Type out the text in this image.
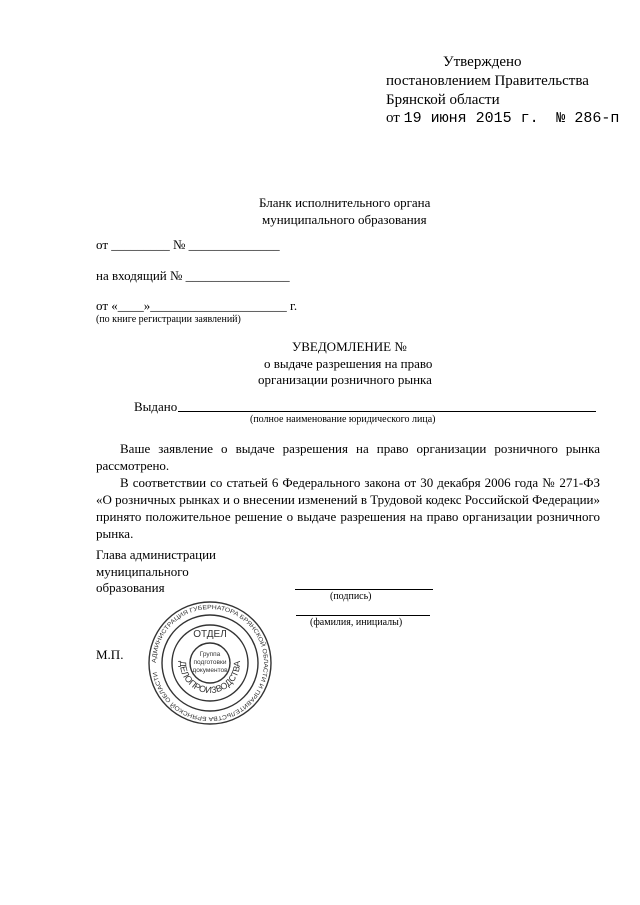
Утверждено
постановлением Правительства
Брянской области
от 19 июня 2015 г. № 286-п
Бланк исполнительного органа
муниципального образования
от _________ № ______________
на входящий № ________________
от «____»_____________________ г.
(по книге регистрации заявлений)
УВЕДОМЛЕНИЕ №
о выдаче разрешения на право
организации розничного рынка
Выдано
(полное наименование юридического лица)
Ваше заявление о выдаче разрешения на право организации розничного рынка рассмотрено.
В соответствии со статьей 6 Федерального закона от 30 декабря 2006 года № 271-ФЗ «О розничных рынках и о внесении изменений в Трудовой кодекс Российской Федерации» принято положительное решение о выдаче разрешения на право организации розничного рынка.
Глава администрации
муниципального
образования
(подпись)
(фамилия, инициалы)
М.П.	АДМИНИСТРАЦИЯ ГУБЕРНАТОРА БРЯНСКОЙ ОБЛАСТИ И ПРАВИТЕЛЬСТВА БРЯНСКОЙ ОБЛАСТИ
ОТДЕЛ
ДЕЛОПРОИЗВОДСТВА
Группа
подготовки
документов
